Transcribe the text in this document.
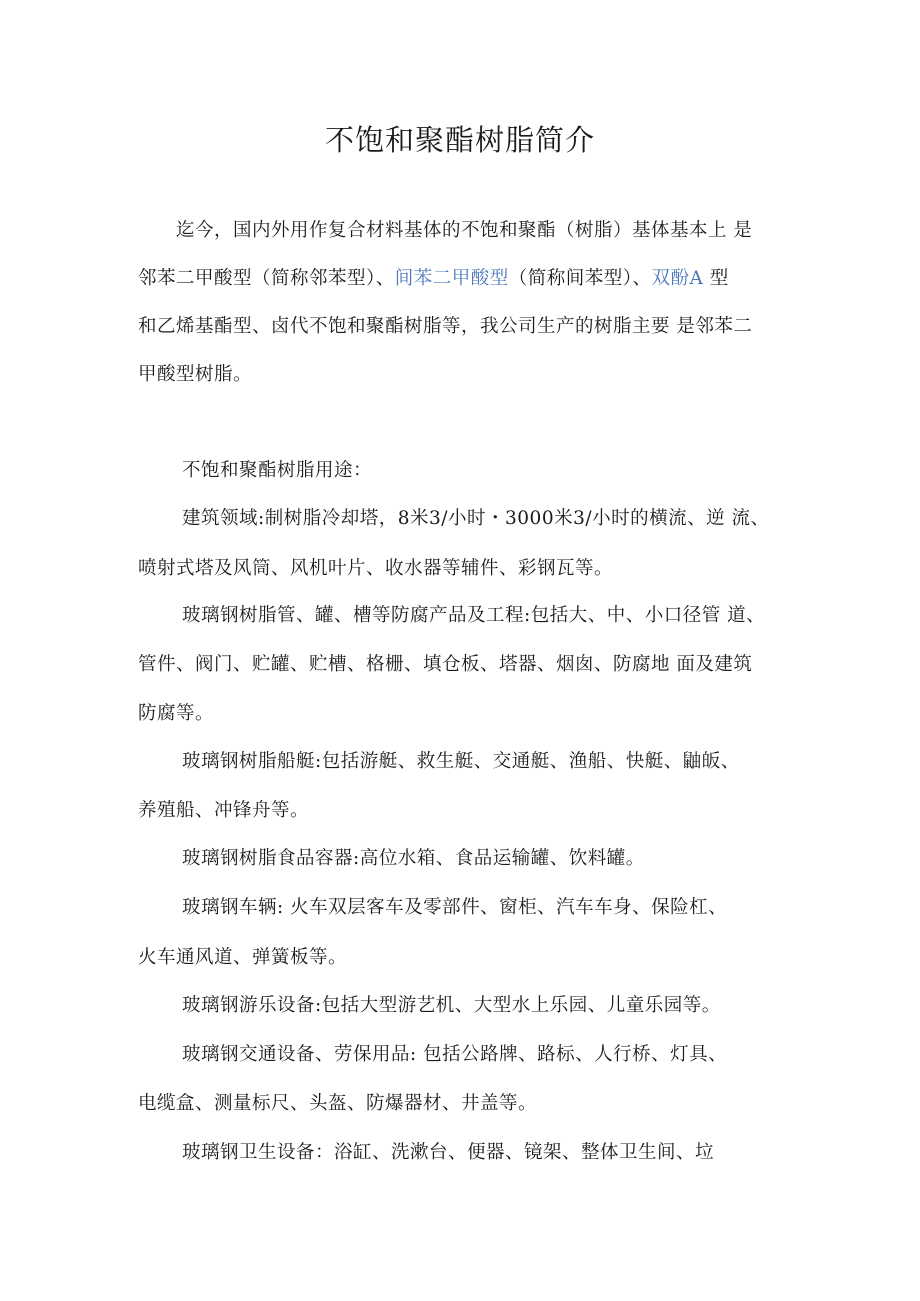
不饱和聚酯树脂简介
迄今，国内外用作复合材料基体的不饱和聚酯（树脂）基体基本上 是
邻苯二甲酸型（简称邻苯型）、间苯二甲酸型（简称间苯型）、双酚A 型
和乙烯基酯型、卤代不饱和聚酯树脂等，我公司生产的树脂主要 是邻苯二
甲酸型树脂。
不饱和聚酯树脂用途：
建筑领域:制树脂冷却塔，8米3/小时・3000米3/小时的横流、逆 流、
喷射式塔及风筒、风机叶片、收水器等辅件、彩钢瓦等。
玻璃钢树脂管、罐、槽等防腐产品及工程:包括大、中、小口径管 道、
管件、阀门、贮罐、贮槽、格栅、填仓板、塔器、烟囱、防腐地 面及建筑
防腐等。
玻璃钢树脂船艇:包括游艇、救生艇、交通艇、渔船、快艇、鼬皈、
养殖船、冲锋舟等。
玻璃钢树脂食品容器:高位水箱、食品运输罐、饮料罐。
玻璃钢车辆: 火车双层客车及零部件、窗柜、汽车车身、保险杠、
火车通风道、弹簧板等。
玻璃钢游乐设备:包括大型游艺机、大型水上乐园、儿童乐园等。
玻璃钢交通设备、劳保用品: 包括公路牌、路标、人行桥、灯具、
电缆盒、测量标尺、头盔、防爆器材、井盖等。
玻璃钢卫生设备：浴缸、洗漱台、便器、镜架、整体卫生间、垃
